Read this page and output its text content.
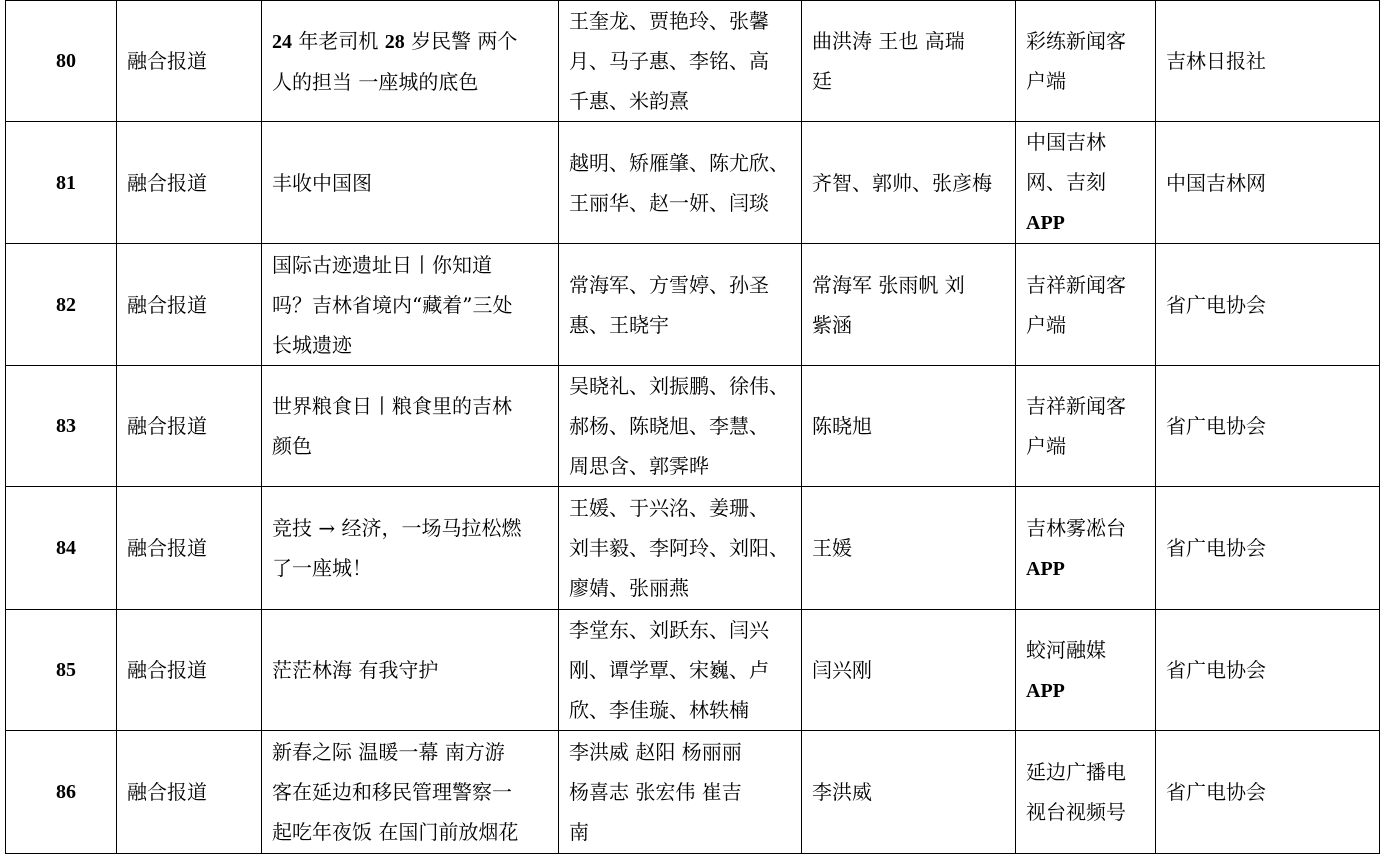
80	融合报道	24 年老司机 28 岁民警 两个
人的担当 一座城的底色	王奎龙、贾艳玲、张馨
月、马子惠、李铭、高
千惠、米韵熹	曲洪涛 王也 高瑞
廷	彩练新闻客
户端	吉林日报社
81	融合报道	丰收中国图	越明、矫雁肇、陈尤欣、
王丽华、赵一妍、闫琰	齐智、郭帅、张彦梅	中国吉林
网、吉刻
APP	中国吉林网
82	融合报道	国际古迹遗址日丨你知道
吗？吉林省境内“藏着”三处
长城遗迹	常海军、方雪婷、孙圣
惠、王晓宇	常海军 张雨帆 刘
紫涵	吉祥新闻客
户端	省广电协会
83	融合报道	世界粮食日丨粮食里的吉林
颜色	吴晓礼、刘振鹏、徐伟、
郝杨、陈晓旭、李慧、
周思含、郭霁晔	陈晓旭	吉祥新闻客
户端	省广电协会
84	融合报道	竞技 → 经济，一场马拉松燃
了一座城！	王媛、于兴洺、姜珊、
刘丰毅、李阿玲、刘阳、
廖婧、张丽燕	王媛	吉林雾凇台
APP	省广电协会
85	融合报道	茫茫林海 有我守护	李堂东、刘跃东、闫兴
刚、谭学覃、宋巍、卢
欣、李佳璇、林轶楠	闫兴刚	蛟河融媒
APP	省广电协会
86	融合报道	新春之际 温暖一幕 南方游
客在延边和移民管理警察一
起吃年夜饭 在国门前放烟花	李洪威 赵阳 杨丽丽
杨喜志 张宏伟 崔吉
南	李洪威	延边广播电
视台视频号	省广电协会
